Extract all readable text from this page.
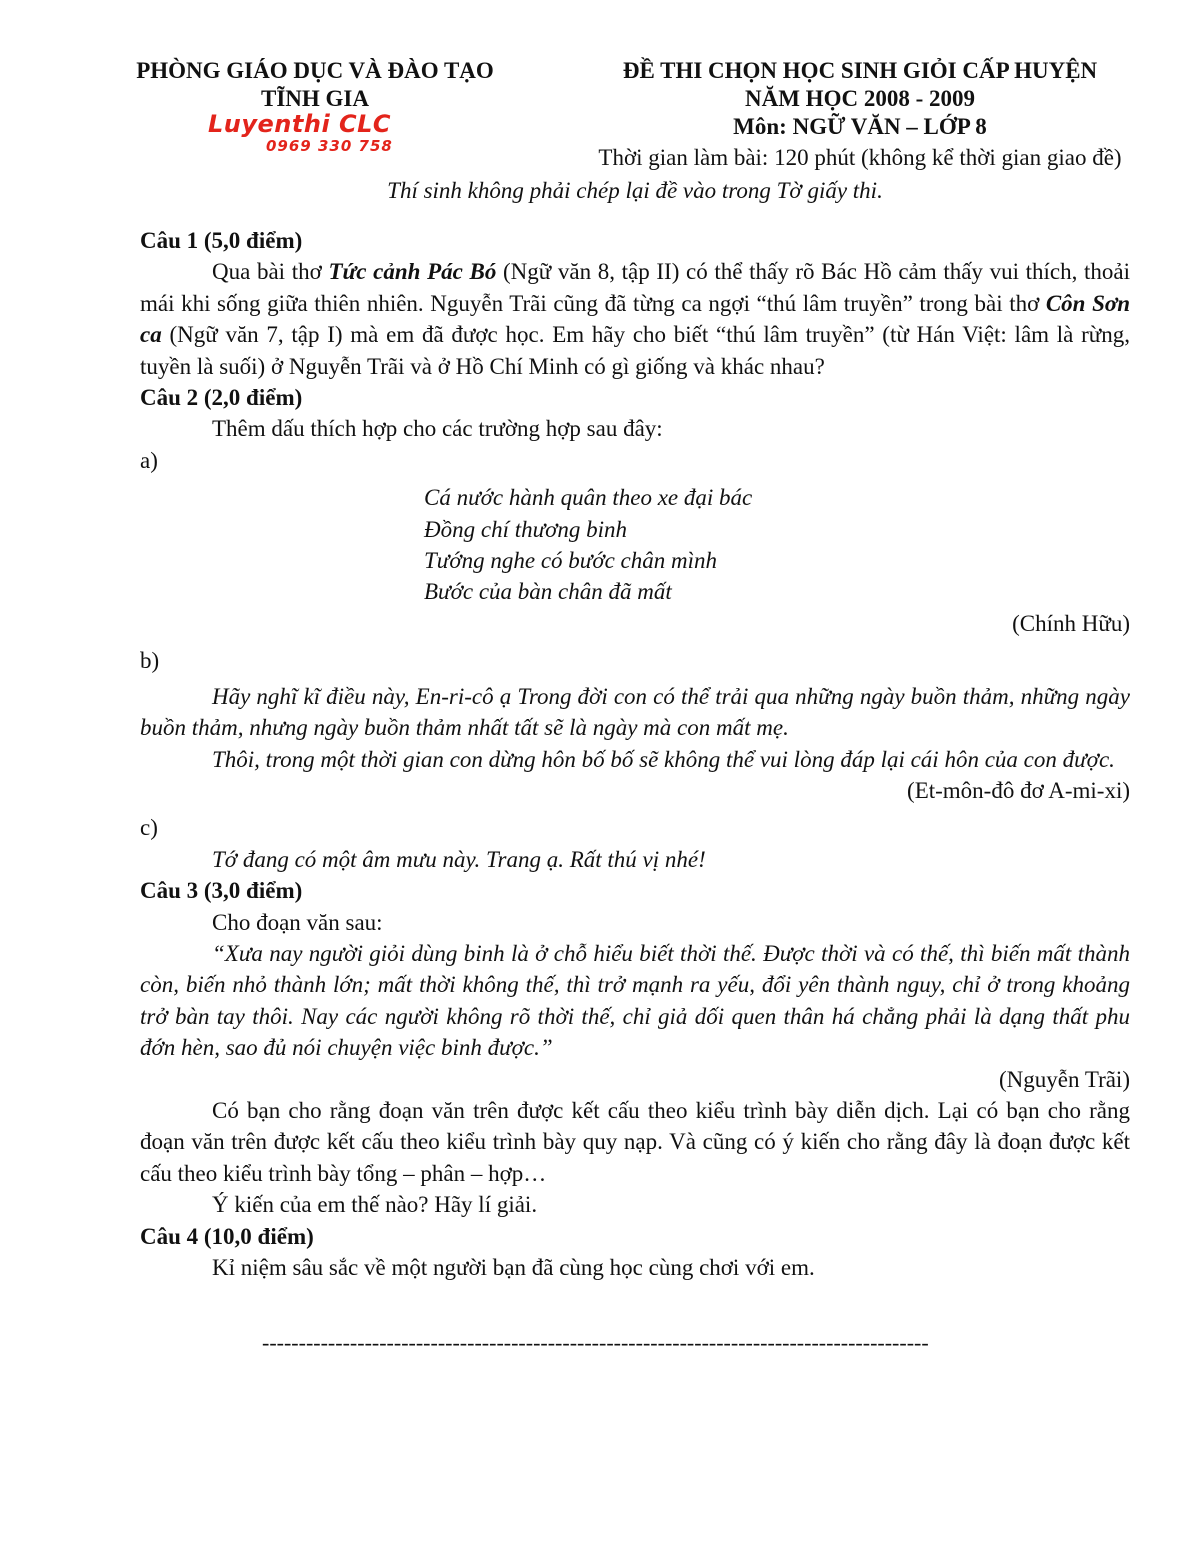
PHÒNG GIÁO DỤC VÀ ĐÀO TẠO
TĨNH GIA
Luyenthi CLC
0969 330 758
ĐỀ THI CHỌN HỌC SINH GIỎI CẤP HUYỆN
NĂM HỌC 2008 - 2009
Môn: NGỮ VĂN – LỚP 8
Thời gian làm bài: 120 phút (không kể thời gian giao đề)
Thí sinh không phải chép lại đề vào trong Tờ giấy thi.

Câu 1 (5,0 điểm)

Qua bài thơ Tức cảnh Pác Bó (Ngữ văn 8, tập II) có thể thấy rõ Bác Hồ cảm thấy vui thích, thoải mái khi sống giữa thiên nhiên. Nguyễn Trãi cũng đã từng ca ngợi “thú lâm truyền” trong bài thơ Côn Sơn ca (Ngữ văn 7, tập I) mà em đã được học. Em hãy cho biết “thú lâm truyền” (từ Hán Việt: lâm là rừng, tuyền là suối) ở Nguyễn Trãi và ở Hồ Chí Minh có gì giống và khác nhau?

Câu 2 (2,0 điểm)

Thêm dấu thích hợp cho các trường hợp sau đây:

a)

Cá nước hành quân theo xe đại bác

Đồng chí thương binh

Tướng nghe có bước chân mình

Bước của bàn chân đã mất

(Chính Hữu)

b)

Hãy nghĩ kĩ điều này, En-ri-cô ạ Trong đời con có thể trải qua những ngày buồn thảm, những ngày buồn thảm, nhưng ngày buồn thảm nhất tất sẽ là ngày mà con mất mẹ.

Thôi, trong một thời gian con dừng hôn bố bố sẽ không thể vui lòng đáp lại cái hôn của con được.

(Et-môn-đô đơ A-mi-xi)

c)

Tớ đang có một âm mưu này. Trang ạ. Rất thú vị nhé!

Câu 3 (3,0 điểm)

Cho đoạn văn sau:

“Xưa nay người giỏi dùng binh là ở chỗ hiểu biết thời thế. Được thời và có thế, thì biến mất thành còn, biến nhỏ thành lớn; mất thời không thế, thì trở mạnh ra yếu, đổi yên thành nguy, chỉ ở trong khoảng trở bàn tay thôi. Nay các người không rõ thời thế, chỉ giả dối quen thân há chẳng phải là dạng thất phu đớn hèn, sao đủ nói chuyện việc binh được.”

(Nguyễn Trãi)

Có bạn cho rằng đoạn văn trên được kết cấu theo kiểu trình bày diễn dịch. Lại có bạn cho rằng đoạn văn trên được kết cấu theo kiểu trình bày quy nạp. Và cũng có ý kiến cho rằng đây là đoạn được kết cấu theo kiểu trình bày tổng – phân – hợp…

Ý kiến của em thế nào? Hãy lí giải.

Câu 4 (10,0 điểm)

Kỉ niệm sâu sắc về một người bạn đã cùng học cùng chơi với em.

-------------------------------------------------------------------------------------------
